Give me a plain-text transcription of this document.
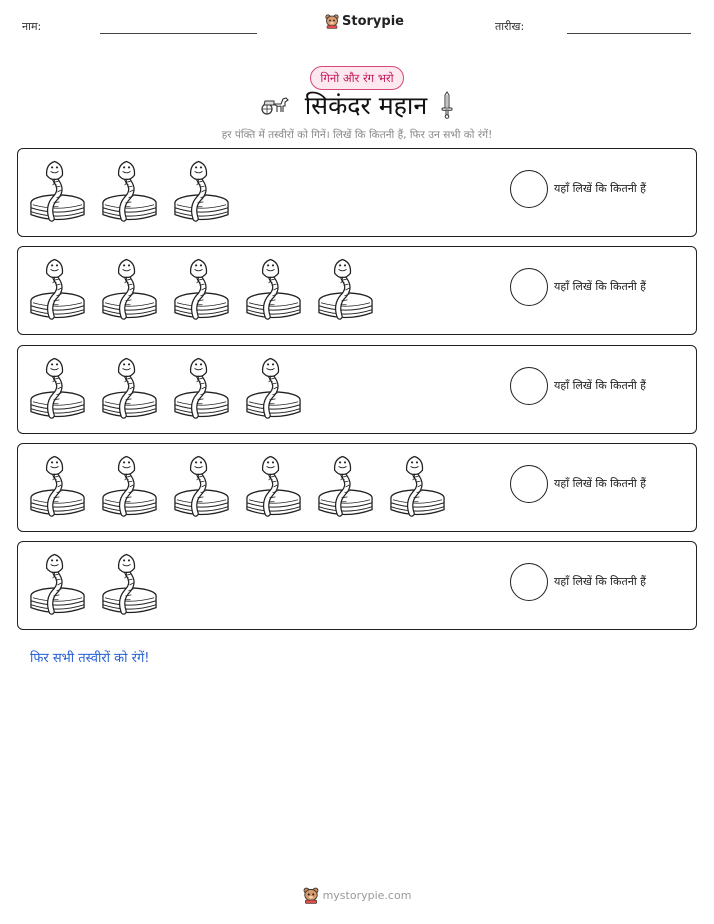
नाम:	Storypie	तारीख:
गिनो और रंग भरो
सिकंदर महान

हर पंक्ति में तस्वीरों को गिनें। लिखें कि कितनी हैं, फिर उन सभी को रंगें!

यहाँ लिखें कि कितनी हैं
यहाँ लिखें कि कितनी हैं
यहाँ लिखें कि कितनी हैं
यहाँ लिखें कि कितनी हैं
यहाँ लिखें कि कितनी हैं

फिर सभी तस्वीरों को रंगें!

mystorypie.com
